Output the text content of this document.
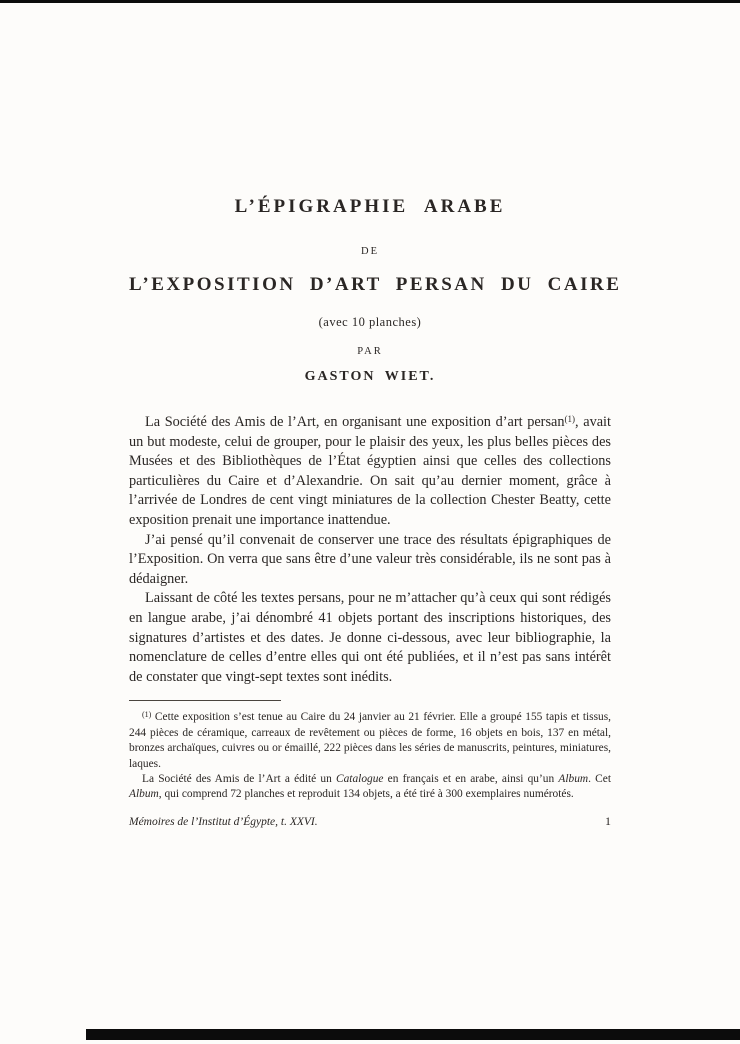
L’ÉPIGRAPHIE ARABE
DE
L’EXPOSITION D’ART PERSAN DU CAIRE
(avec 10 planches)
PAR
GASTON WIET.

La Société des Amis de l’Art, en organisant une exposition d’art persan$^{(1)}$, avait un but modeste, celui de grouper, pour le plaisir des yeux, les plus belles pièces des Musées et des Bibliothèques de l’État égyptien ainsi que celles des collections particulières du Caire et d’Alexandrie. On sait qu’au dernier moment, grâce à l’arrivée de Londres de cent vingt miniatures de la collection Chester Beatty, cette exposition prenait une importance inattendue.

J’ai pensé qu’il convenait de conserver une trace des résultats épigraphiques de l’Exposition. On verra que sans être d’une valeur très considérable, ils ne sont pas à dédaigner.

Laissant de côté les textes persans, pour ne m’attacher qu’à ceux qui sont rédigés en langue arabe, j’ai dénombré 41 objets portant des inscriptions historiques, des signatures d’artistes et des dates. Je donne ci-dessous, avec leur bibliographie, la nomenclature de celles d’entre elles qui ont été publiées, et il n’est pas sans intérêt de constater que vingt-sept textes sont inédits.

$^{(1)}$ Cette exposition s’est tenue au Caire du 24 janvier au 21 février. Elle a groupé 155 tapis et tissus, 244 pièces de céramique, carreaux de revêtement ou pièces de forme, 16 objets en bois, 137 en métal, bronzes archaïques, cuivres ou or émaillé, 222 pièces dans les séries de manuscrits, peintures, miniatures, laques.

La Société des Amis de l’Art a édité un Catalogue en français et en arabe, ainsi qu’un Album. Cet Album, qui comprend 72 planches et reproduit 134 objets, a été tiré à 300 exemplaires numérotés.

Mémoires de l’Institut d’Égypte, t. XXVI.	1
